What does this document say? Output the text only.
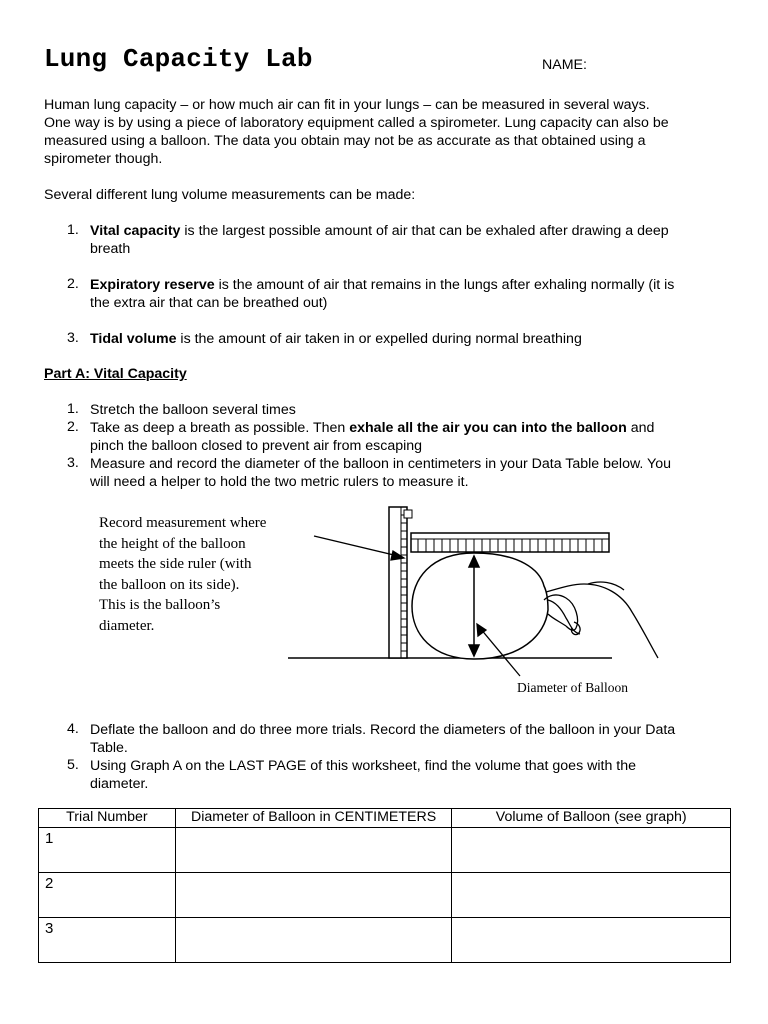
Lung Capacity Lab	NAME:
Human lung capacity – or how much air can fit in your lungs – can be measured in several ways.
One way is by using a piece of laboratory equipment called a spirometer. Lung capacity can also be
measured using a balloon. The data you obtain may not be as accurate as that obtained using a
spirometer though.
Several different lung volume measurements can be made:
1. Vital capacity is the largest possible amount of air that can be exhaled after drawing a deep
breath
2. Expiratory reserve is the amount of air that remains in the lungs after exhaling normally (it is
the extra air that can be breathed out)
3. Tidal volume is the amount of air taken in or expelled during normal breathing
Part A: Vital Capacity
1. Stretch the balloon several times
2. Take as deep a breath as possible. Then exhale all the air you can into the balloon and
pinch the balloon closed to prevent air from escaping
3. Measure and record the diameter of the balloon in centimeters in your Data Table below. You
will need a helper to hold the two metric rulers to measure it.
Record measurement where
the height of the balloon
meets the side ruler (with
the balloon on its side).
This is the balloon’s
diameter.
Diameter of Balloon
4. Deflate the balloon and do three more trials. Record the diameters of the balloon in your Data
Table.
5. Using Graph A on the LAST PAGE of this worksheet, find the volume that goes with the
diameter.
Trial Number	Diameter of Balloon in CENTIMETERS	Volume of Balloon (see graph)
1		
2		
3		
